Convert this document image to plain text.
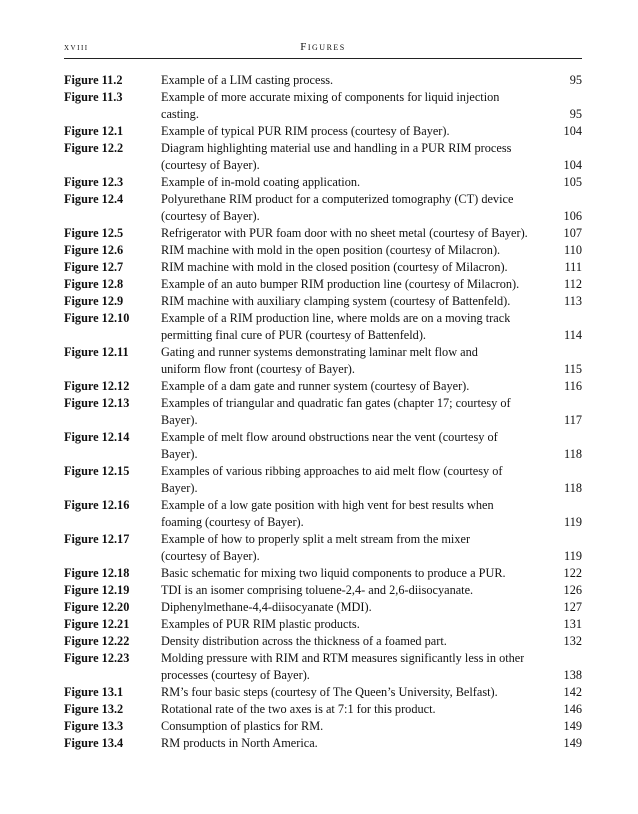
xviii	Figures
Figure 11.2	Example of a LIM casting process.	95
Figure 11.3	Example of more accurate mixing of components for liquid injection
casting.	95
Figure 12.1	Example of typical PUR RIM process (courtesy of Bayer).	104
Figure 12.2	Diagram highlighting material use and handling in a PUR RIM process
(courtesy of Bayer).	104
Figure 12.3	Example of in-mold coating application.	105
Figure 12.4	Polyurethane RIM product for a computerized tomography (CT) device
(courtesy of Bayer).	106
Figure 12.5	Refrigerator with PUR foam door with no sheet metal (courtesy of Bayer).	107
Figure 12.6	RIM machine with mold in the open position (courtesy of Milacron).	110
Figure 12.7	RIM machine with mold in the closed position (courtesy of Milacron).	111
Figure 12.8	Example of an auto bumper RIM production line (courtesy of Milacron).	112
Figure 12.9	RIM machine with auxiliary clamping system (courtesy of Battenfeld).	113
Figure 12.10	Example of a RIM production line, where molds are on a moving track
permitting final cure of PUR (courtesy of Battenfeld).	114
Figure 12.11	Gating and runner systems demonstrating laminar melt flow and
uniform flow front (courtesy of Bayer).	115
Figure 12.12	Example of a dam gate and runner system (courtesy of Bayer).	116
Figure 12.13	Examples of triangular and quadratic fan gates (chapter 17; courtesy of
Bayer).	117
Figure 12.14	Example of melt flow around obstructions near the vent (courtesy of
Bayer).	118
Figure 12.15	Examples of various ribbing approaches to aid melt flow (courtesy of
Bayer).	118
Figure 12.16	Example of a low gate position with high vent for best results when
foaming (courtesy of Bayer).	119
Figure 12.17	Example of how to properly split a melt stream from the mixer
(courtesy of Bayer).	119
Figure 12.18	Basic schematic for mixing two liquid components to produce a PUR.	122
Figure 12.19	TDI is an isomer comprising toluene-2,4- and 2,6-diisocyanate.	126
Figure 12.20	Diphenylmethane-4,4-diisocyanate (MDI).	127
Figure 12.21	Examples of PUR RIM plastic products.	131
Figure 12.22	Density distribution across the thickness of a foamed part.	132
Figure 12.23	Molding pressure with RIM and RTM measures significantly less in other
processes (courtesy of Bayer).	138
Figure 13.1	RM’s four basic steps (courtesy of The Queen’s University, Belfast).	142
Figure 13.2	Rotational rate of the two axes is at 7:1 for this product.	146
Figure 13.3	Consumption of plastics for RM.	149
Figure 13.4	RM products in North America.	149
